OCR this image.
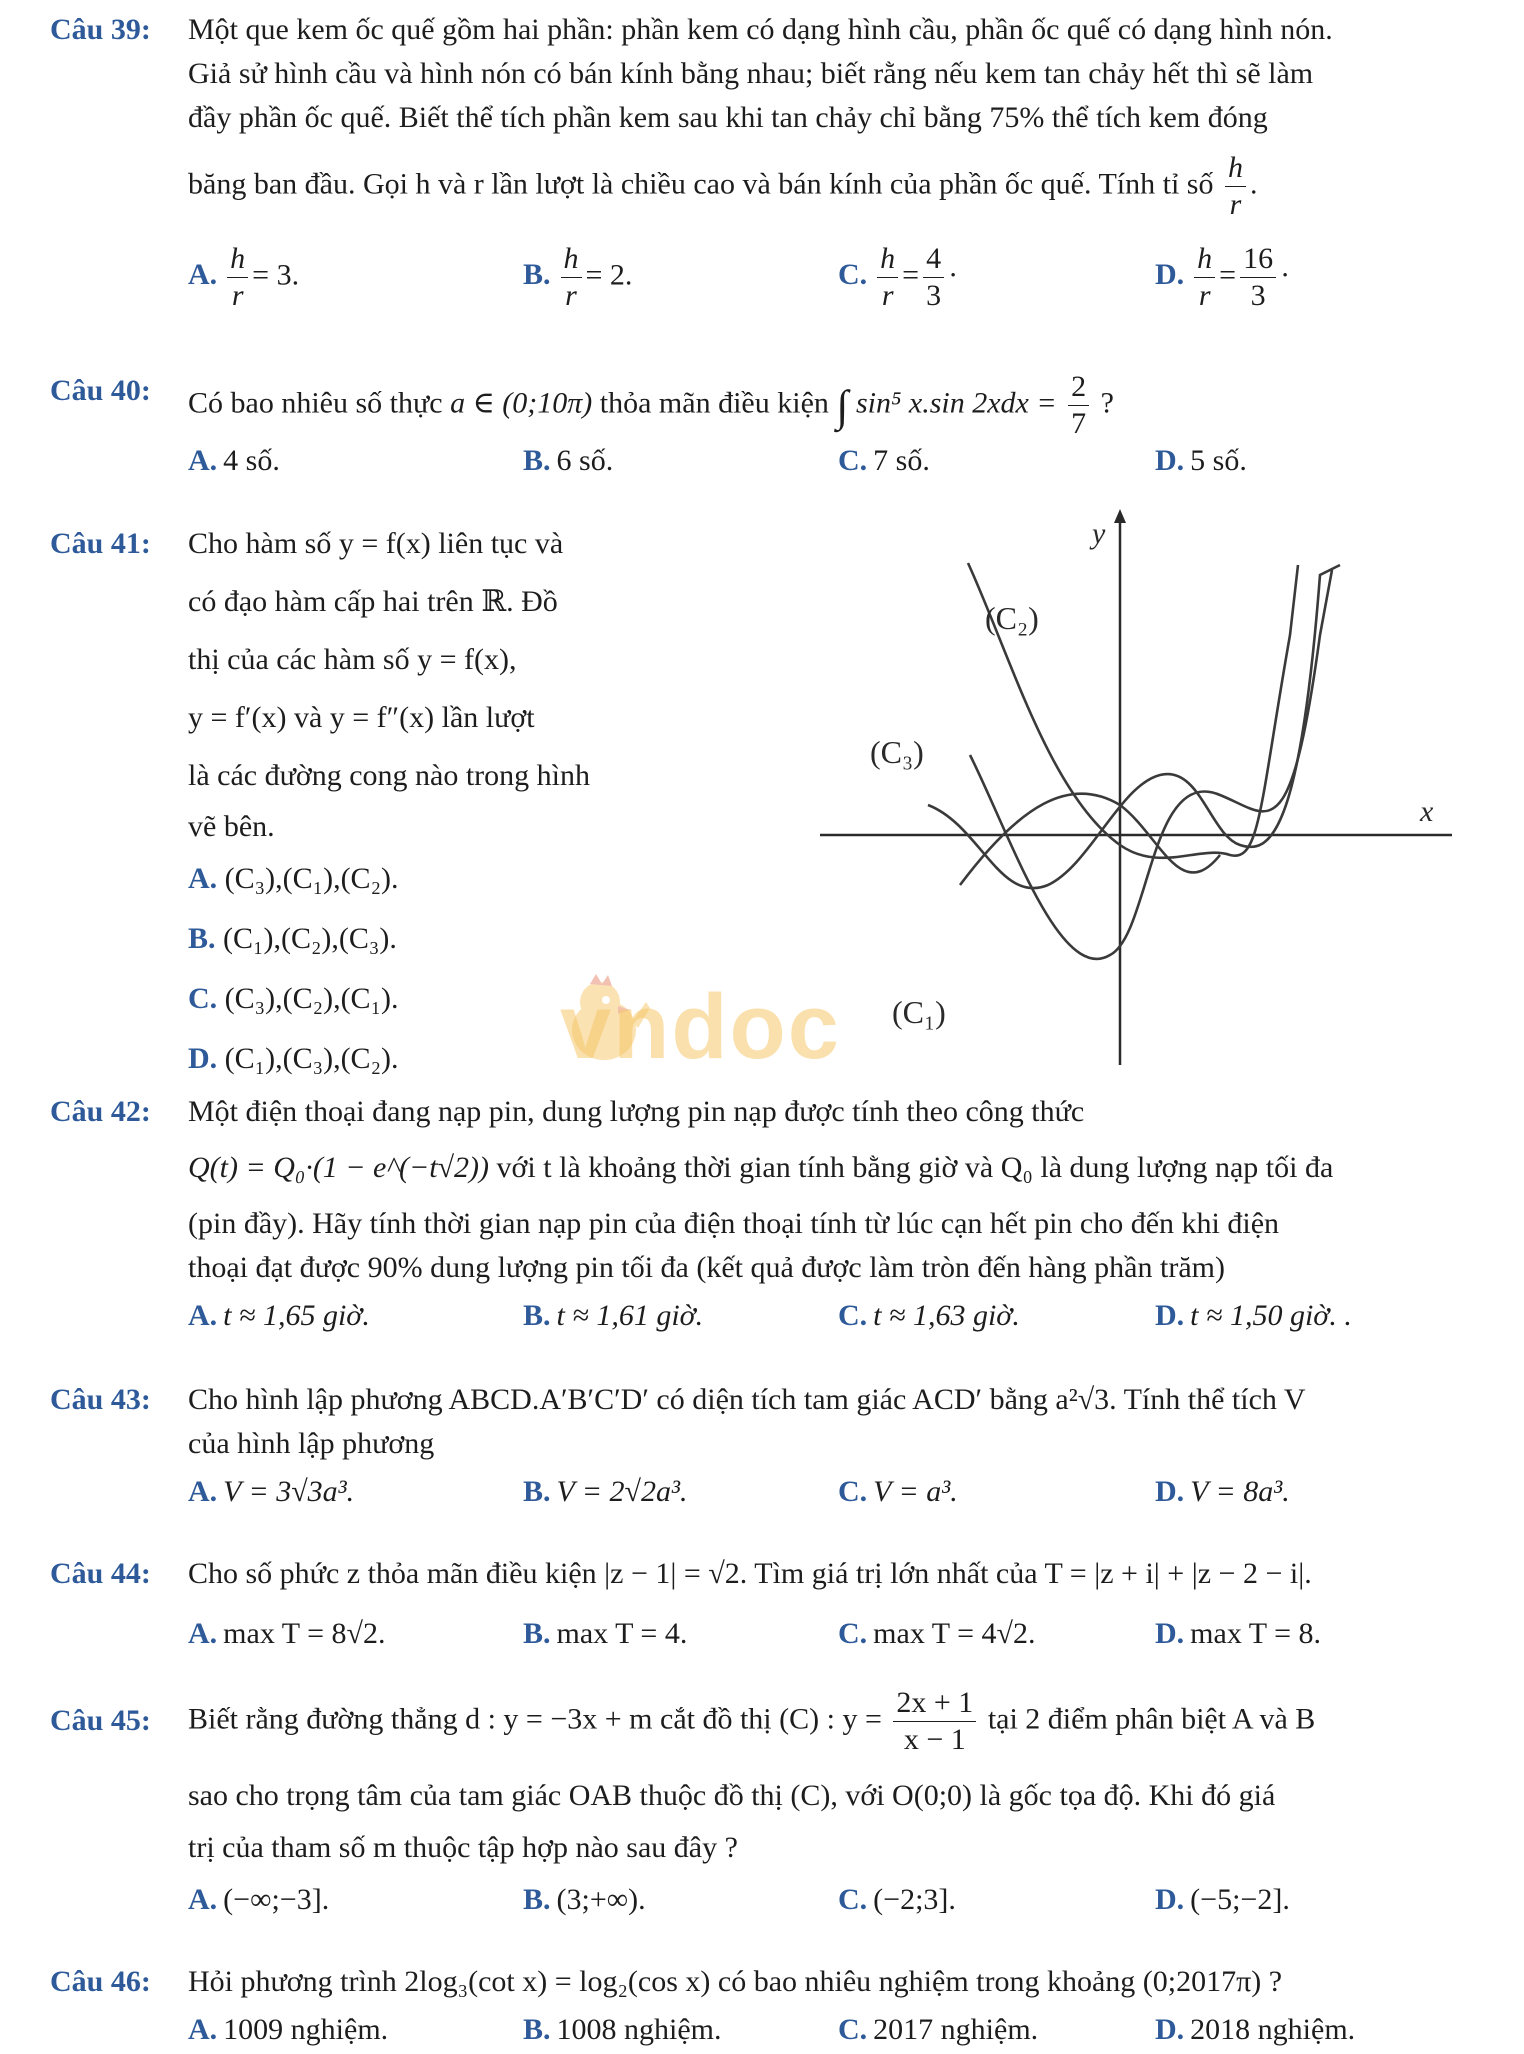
Câu 39: Một que kem ốc quế gồm hai phần: phần kem có dạng hình cầu, phần ốc quế có dạng hình nón.

Giả sử hình cầu và hình nón có bán kính bằng nhau; biết rằng nếu kem tan chảy hết thì sẽ làm

đầy phần ốc quế. Biết thể tích phần kem sau khi tan chảy chỉ bằng 75% thể tích kem đóng

băng ban đầu. Gọi h và r lần lượt là chiều cao và bán kính của phần ốc quế. Tính tỉ số $\frac{h}{r}$ .

A. $\frac{h}{r} = 3$.	B. $\frac{h}{r} = 2$.	C. $\frac{h}{r} = \frac{4}{3}$ ·	D. $\frac{h}{r} = \frac{16}{3}$ ·
Câu 40: Có bao nhiêu số thực a ∈ (0;10π) thỏa mãn điều kiện ∫ sin⁵ x.sin $2xdx = \frac{2}{7}$ ?
A. 4 số.	B. 6 số.	C. 7 số.	D. 5 số.
Câu 41: Cho hàm số y = f(x) liên tục và

có đạo hàm cấp hai trên ℝ. Đồ

thị của các hàm số y = f(x),

y = f′(x) và y = f″(x) lần lượt

là các đường cong nào trong hình

vẽ bên.

A. (C₃),(C₁),(C₂).

B. (C₁),(C₂),(C₃).

C. (C₃),(C₂),(C₁).

D. (C₁),(C₃),(C₂).	vndoc
y
x
(C₂)
(C₃)
(C₁)
Câu 42: Một điện thoại đang nạp pin, dung lượng pin nạp được tính theo công thức

Q(t) = Q₀·(1 − e^(−t√2)) với t là khoảng thời gian tính bằng giờ và Q₀ là dung lượng nạp tối đa

(pin đầy). Hãy tính thời gian nạp pin của điện thoại tính từ lúc cạn hết pin cho đến khi điện

thoại đạt được 90% dung lượng pin tối đa (kết quả được làm tròn đến hàng phần trăm)

A. t ≈ 1,65 giờ.	B. t ≈ 1,61 giờ.	C. t ≈ 1,63 giờ.	D. t ≈ 1,50 giờ. .
Câu 43: Cho hình lập phương ABCD.A′B′C′D′ có diện tích tam giác ACD′ bằng a²√3. Tính thể tích V

của hình lập phương

A. V = 3√3a³.	B. V = 2√2a³.	C. V = a³.	D. V = 8a³.
Câu 44: Cho số phức z thỏa mãn điều kiện |z − 1| = √2. Tìm giá trị lớn nhất của T = |z + i| + |z − 2 − i|.

A. max T = 8√2.	B. max T = 4.	C. max T = 4√2.	D. max T = 8.
Câu 45: Biết rằng đường thẳng d : y = −3x + m cắt đồ thị (C) : $y = \frac{2x + 1}{x - 1}$ tại 2 điểm phân biệt A và B

sao cho trọng tâm của tam giác OAB thuộc đồ thị (C), với O(0;0) là gốc tọa độ. Khi đó giá

trị của tham số m thuộc tập hợp nào sau đây ?

A. (−∞;−3].	B. (3;+∞).	C. (−2;3].	D. (−5;−2].
Câu 46: Hỏi phương trình 2log₃(cot x) = log₂(cos x) có bao nhiêu nghiệm trong khoảng (0;2017π) ?

A. 1009 nghiệm.	B. 1008 nghiệm.	C. 2017 nghiệm.	D. 2018 nghiệm.
